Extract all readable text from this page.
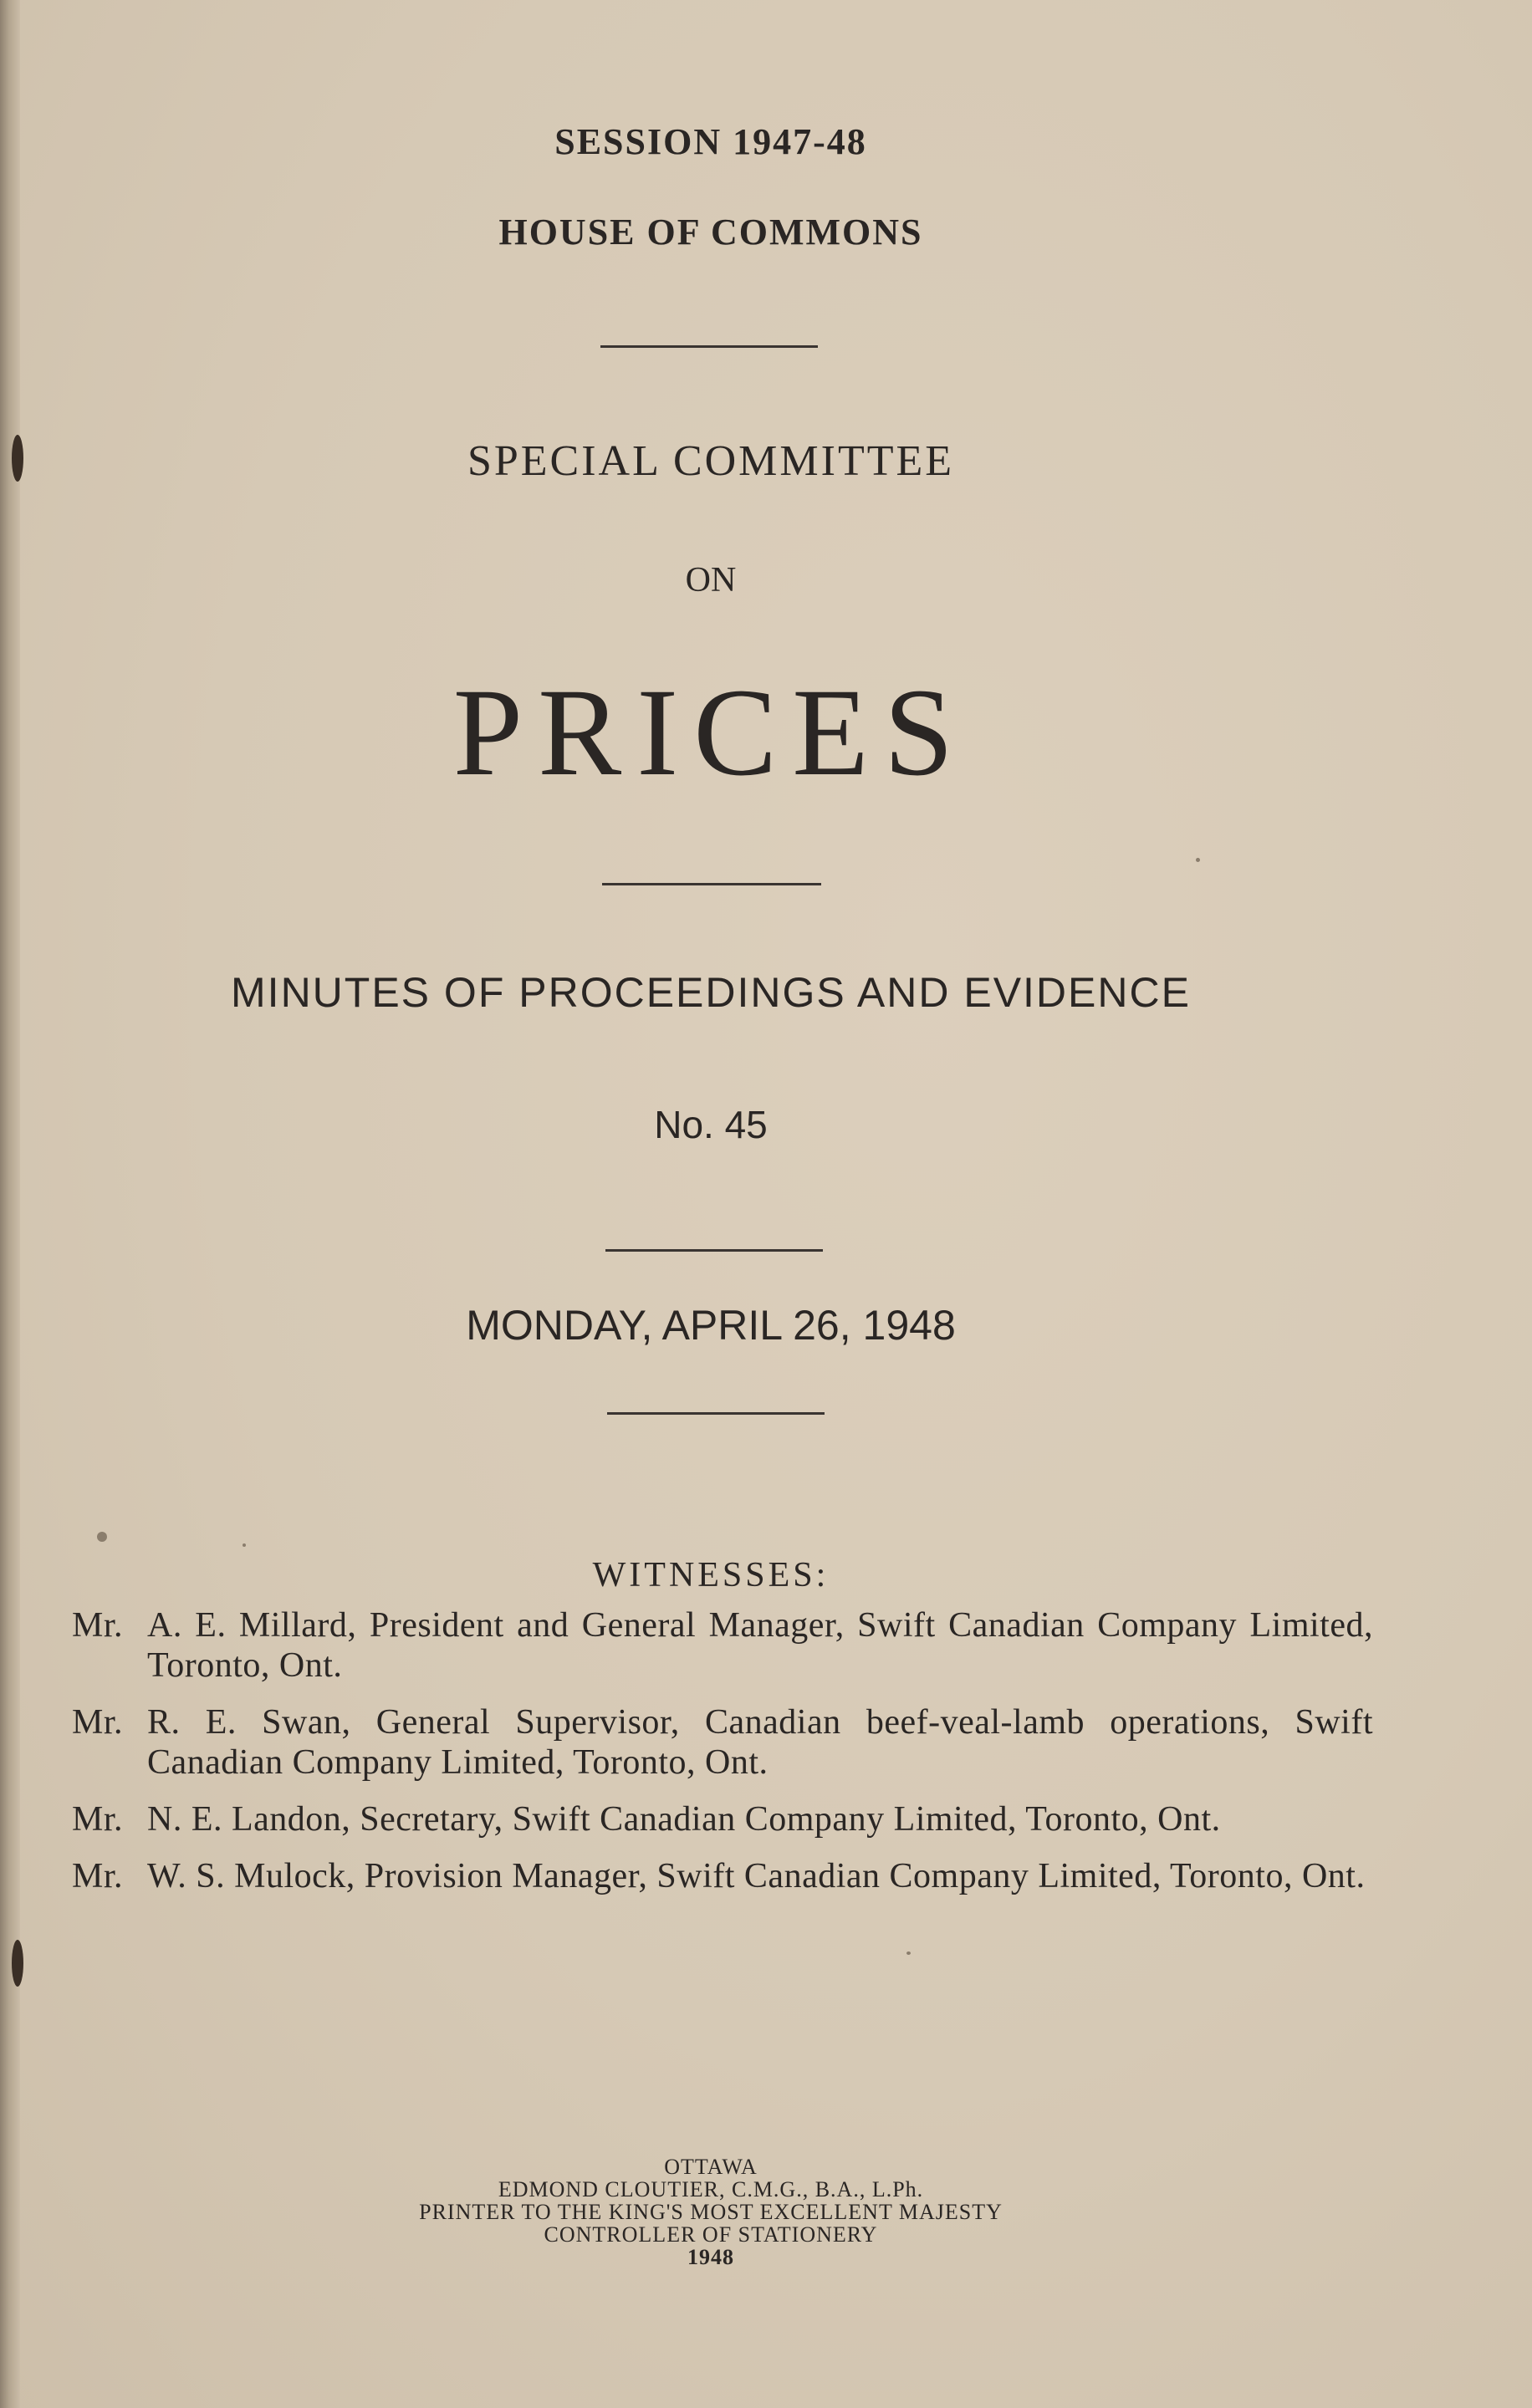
SESSION 1947-48
HOUSE OF COMMONS
SPECIAL COMMITTEE
ON
PRICES
MINUTES OF PROCEEDINGS AND EVIDENCE
No. 45
MONDAY, APRIL 26, 1948
WITNESSES:
Mr. A. E. Millard, President and General Manager, Swift Canadian Company Limited, Toronto, Ont.
Mr. R. E. Swan, General Supervisor, Canadian beef-veal-lamb operations, Swift Canadian Company Limited, Toronto, Ont.
Mr. N. E. Landon, Secretary, Swift Canadian Company Limited, Toronto, Ont.
Mr. W. S. Mulock, Provision Manager, Swift Canadian Company Limited, Toronto, Ont.
OTTAWA
EDMOND CLOUTIER, C.M.G., B.A., L.Ph.
PRINTER TO THE KING'S MOST EXCELLENT MAJESTY
CONTROLLER OF STATIONERY
1948
